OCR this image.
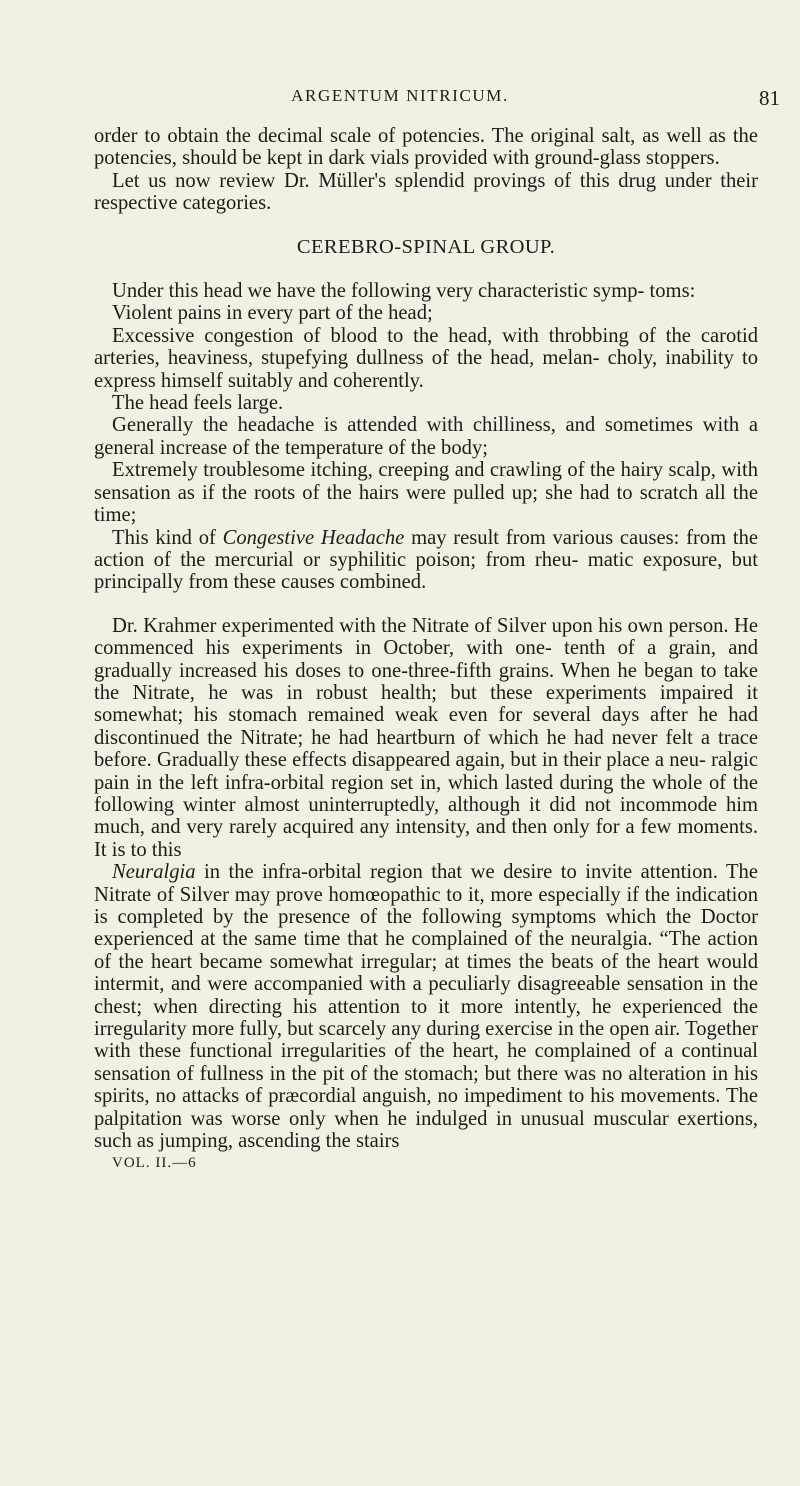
ARGENTUM NITRICUM.	81

order to obtain the decimal scale of potencies. The original salt, as well as the potencies, should be kept in dark vials provided with ground-glass stoppers.

Let us now review Dr. Müller's splendid provings of this drug under their respective categories.

CEREBRO-SPINAL GROUP.

Under this head we have the following very characteristic symp- toms:

Violent pains in every part of the head;

Excessive congestion of blood to the head, with throbbing of the carotid arteries, heaviness, stupefying dullness of the head, melan- choly, inability to express himself suitably and coherently.

The head feels large.

Generally the headache is attended with chilliness, and sometimes with a general increase of the temperature of the body;

Extremely troublesome itching, creeping and crawling of the hairy scalp, with sensation as if the roots of the hairs were pulled up; she had to scratch all the time;

This kind of Congestive Headache may result from various causes: from the action of the mercurial or syphilitic poison; from rheu- matic exposure, but principally from these causes combined.

Dr. Krahmer experimented with the Nitrate of Silver upon his own person. He commenced his experiments in October, with one- tenth of a grain, and gradually increased his doses to one-three-fifth grains. When he began to take the Nitrate, he was in robust health; but these experiments impaired it somewhat; his stomach remained weak even for several days after he had discontinued the Nitrate; he had heartburn of which he had never felt a trace before. Gradually these effects disappeared again, but in their place a neu- ralgic pain in the left infra-orbital region set in, which lasted during the whole of the following winter almost uninterruptedly, although it did not incommode him much, and very rarely acquired any intensity, and then only for a few moments. It is to this

Neuralgia in the infra-orbital region that we desire to invite attention. The Nitrate of Silver may prove homœopathic to it, more especially if the indication is completed by the presence of the following symptoms which the Doctor experienced at the same time that he complained of the neuralgia. “The action of the heart became somewhat irregular; at times the beats of the heart would intermit, and were accompanied with a peculiarly disagreeable sensation in the chest; when directing his attention to it more intently, he experienced the irregularity more fully, but scarcely any during exercise in the open air. Together with these functional irregularities of the heart, he complained of a continual sensation of fullness in the pit of the stomach; but there was no alteration in his spirits, no attacks of præcordial anguish, no impediment to his movements. The palpitation was worse only when he indulged in unusual muscular exertions, such as jumping, ascending the stairs

VOL. II.—6
